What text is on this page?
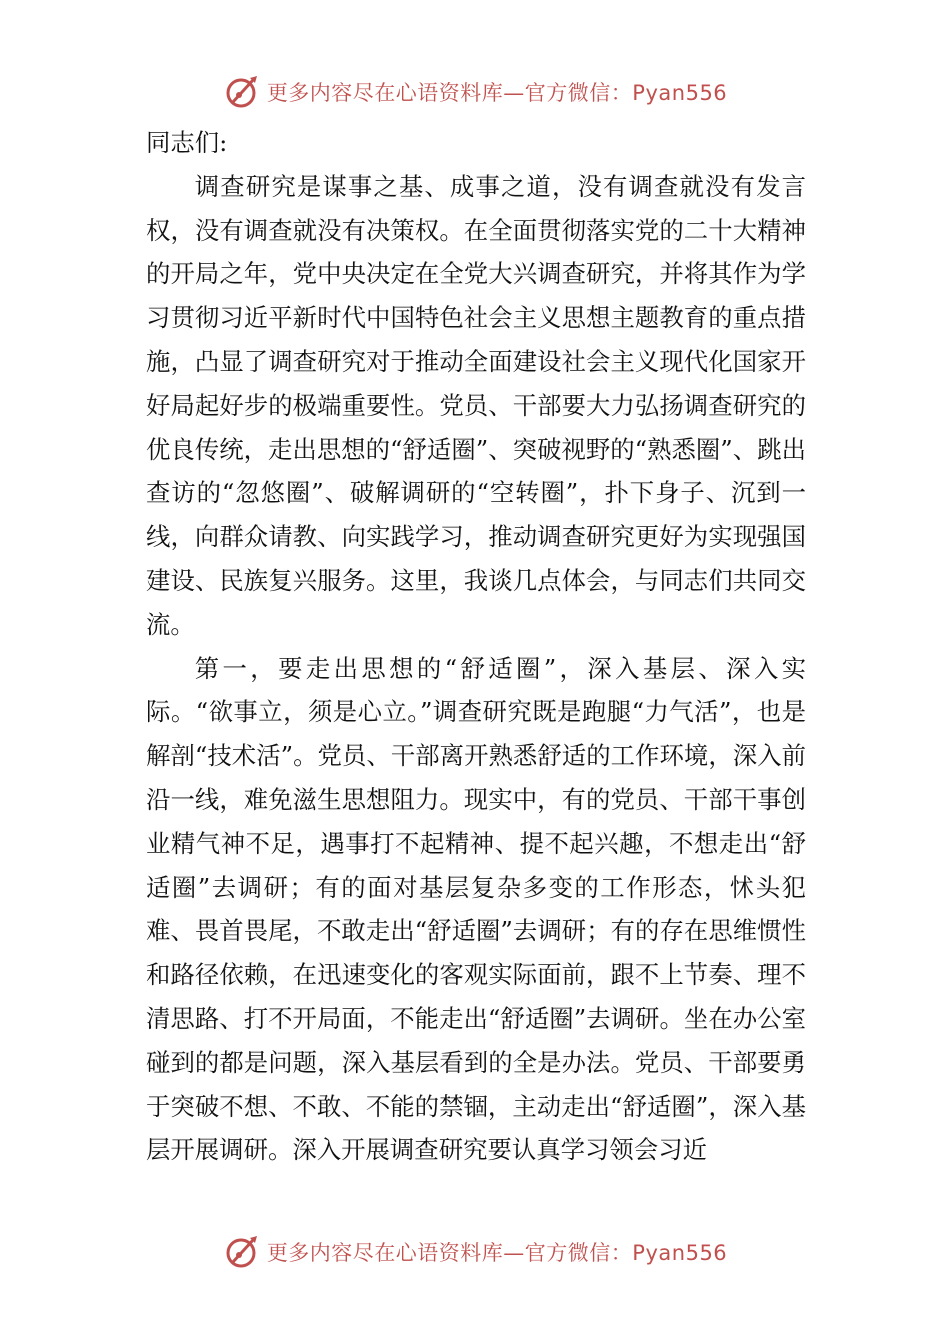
更多内容尽在心语资料库—官方微信：Pyan556

同志们:

调查研究是谋事之基、成事之道，没有调查就没有发言权，没有调查就没有决策权。在全面贯彻落实党的二十大精神的开局之年，党中央决定在全党大兴调查研究，并将其作为学习贯彻习近平新时代中国特色社会主义思想主题教育的重点措施，凸显了调查研究对于推动全面建设社会主义现代化国家开好局起好步的极端重要性。党员、干部要大力弘扬调查研究的优良传统，走出思想的“舒适圈”、突破视野的“熟悉圈”、跳出查访的“忽悠圈”、破解调研的“空转圈”，扑下身子、沉到一线，向群众请教、向实践学习，推动调查研究更好为实现强国建设、民族复兴服务。这里，我谈几点体会，与同志们共同交流。

第一，要走出思想的“舒适圈”，深入基层、深入实际。“欲事立，须是心立。”调查研究既是跑腿“力气活”，也是解剖“技术活”。党员、干部离开熟悉舒适的工作环境，深入前沿一线，难免滋生思想阻力。现实中，有的党员、干部干事创业精气神不足，遇事打不起精神、提不起兴趣，不想走出“舒适圈”去调研；有的面对基层复杂多变的工作形态，怵头犯难、畏首畏尾，不敢走出“舒适圈”去调研；有的存在思维惯性和路径依赖，在迅速变化的客观实际面前，跟不上节奏、理不清思路、打不开局面，不能走出“舒适圈”去调研。坐在办公室碰到的都是问题，深入基层看到的全是办法。党员、干部要勇于突破不想、不敢、不能的禁锢，主动走出“舒适圈”，深入基层开展调研。深入开展调查研究要认真学习领会习近

更多内容尽在心语资料库—官方微信：Pyan556
